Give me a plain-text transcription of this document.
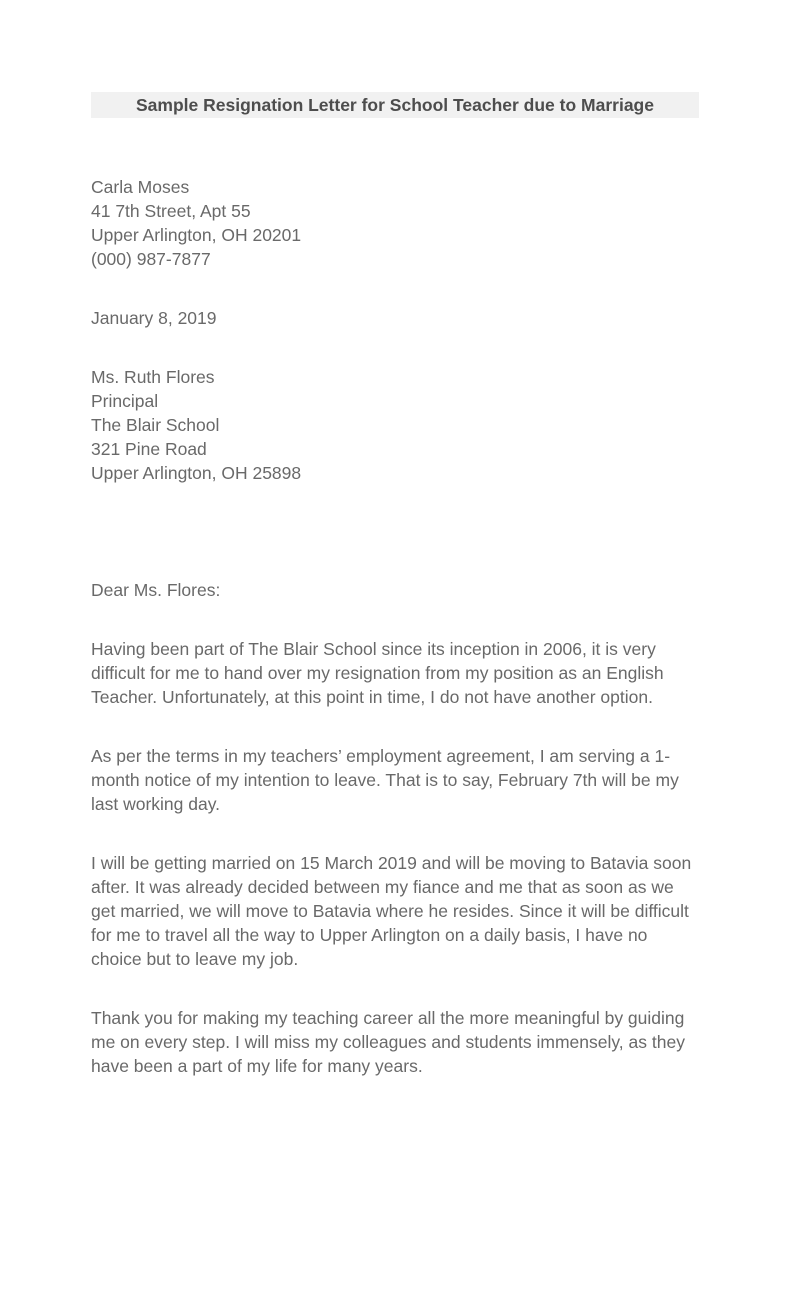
Sample Resignation Letter for School Teacher due to Marriage
Carla Moses
41 7th Street, Apt 55
Upper Arlington, OH 20201
(000) 987-7877
January 8, 2019
Ms. Ruth Flores
Principal
The Blair School
321 Pine Road
Upper Arlington, OH 25898
Dear Ms. Flores:

Having been part of The Blair School since its inception in 2006, it is very difficult for me to hand over my resignation from my position as an English Teacher. Unfortunately, at this point in time, I do not have another option.

As per the terms in my teachers’ employment agreement, I am serving a 1-month notice of my intention to leave. That is to say, February 7th will be my last working day.

I will be getting married on 15 March 2019 and will be moving to Batavia soon after. It was already decided between my fiance and me that as soon as we get married, we will move to Batavia where he resides. Since it will be difficult for me to travel all the way to Upper Arlington on a daily basis, I have no choice but to leave my job.

Thank you for making my teaching career all the more meaningful by guiding me on every step. I will miss my colleagues and students immensely, as they have been a part of my life for many years.
